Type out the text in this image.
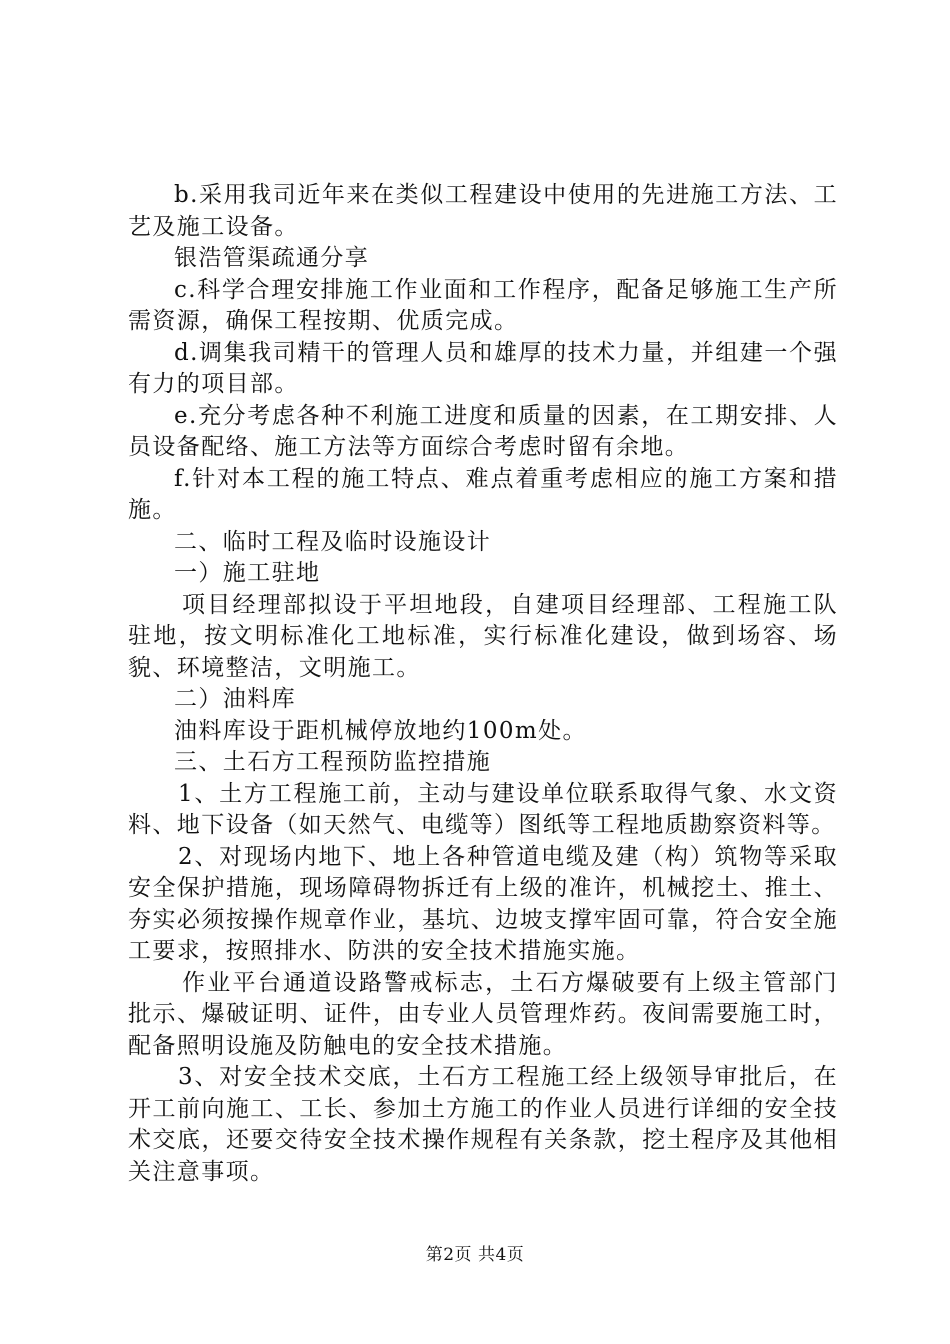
b.采用我司近年来在类似工程建设中使用的先进施工方法、工艺及施工设备。

银浩管渠疏通分享

c.科学合理安排施工作业面和工作程序，配备足够施工生产所需资源，确保工程按期、优质完成。

d.调集我司精干的管理人员和雄厚的技术力量，并组建一个强有力的项目部。

e.充分考虑各种不利施工进度和质量的因素，在工期安排、人员设备配络、施工方法等方面综合考虑时留有余地。

f.针对本工程的施工特点、难点着重考虑相应的施工方案和措施。

二、临时工程及临时设施设计

一）施工驻地

项目经理部拟设于平坦地段，自建项目经理部、工程施工队驻地，按文明标准化工地标准，实行标准化建设，做到场容、场貌、环境整洁，文明施工。

二）油料库

油料库设于距机械停放地约100m处。

三、土石方工程预防监控措施

1、土方工程施工前，主动与建设单位联系取得气象、水文资料、地下设备（如天然气、电缆等）图纸等工程地质勘察资料等。

2、对现场内地下、地上各种管道电缆及建（构）筑物等采取安全保护措施，现场障碍物拆迁有上级的准许，机械挖土、推土、夯实必须按操作规章作业，基坑、边坡支撑牢固可靠，符合安全施工要求，按照排水、防洪的安全技术措施实施。

作业平台通道设路警戒标志，土石方爆破要有上级主管部门批示、爆破证明、证件，由专业人员管理炸药。夜间需要施工时，配备照明设施及防触电的安全技术措施。

3、对安全技术交底，土石方工程施工经上级领导审批后，在开工前向施工、工长、参加土方施工的作业人员进行详细的安全技术交底，还要交待安全技术操作规程有关条款，挖土程序及其他相关注意事项。

第2页 共4页
